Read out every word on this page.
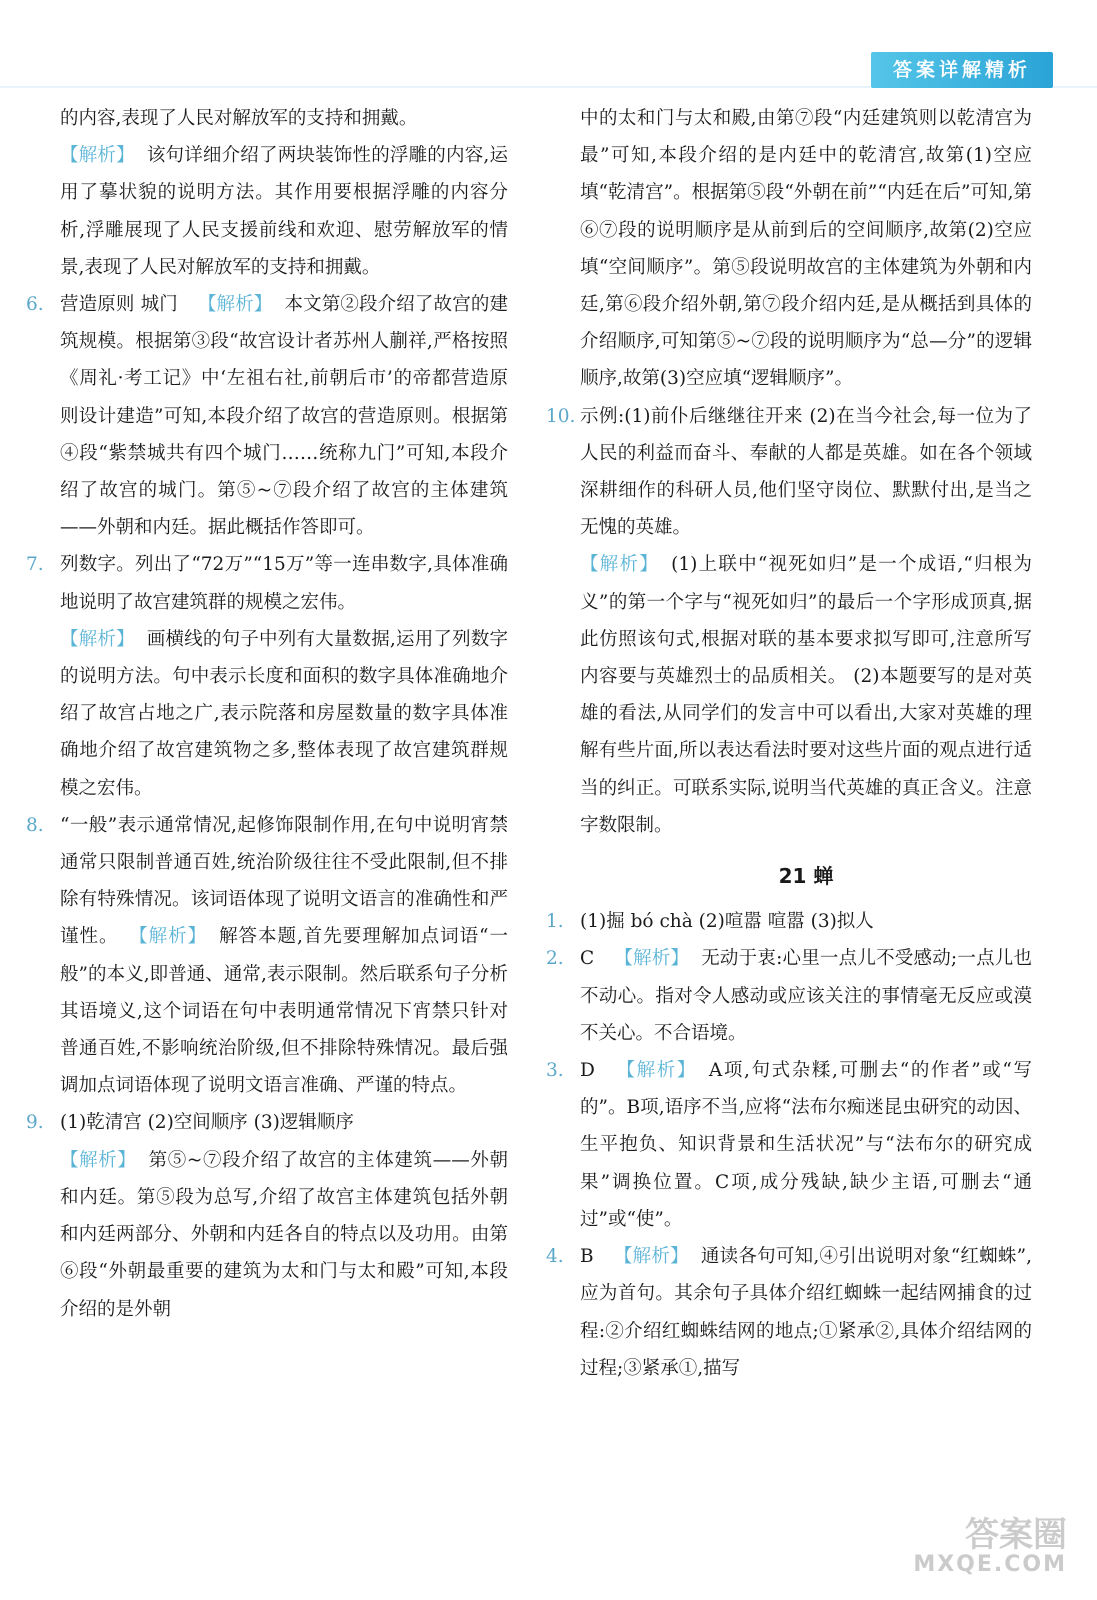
答案详解精析

的内容,表现了人民对解放军的支持和拥戴。

【解析】 该句详细介绍了两块装饰性的浮雕的内容,运用了摹状貌的说明方法。其作用要根据浮雕的内容分析,浮雕展现了人民支援前线和欢迎、慰劳解放军的情景,表现了人民对解放军的支持和拥戴。

6. 营造原则 城门 【解析】 本文第②段介绍了故宫的建筑规模。根据第③段“故宫设计者苏州人蒯祥,严格按照《周礼·考工记》中‘左祖右社,前朝后市’的帝都营造原则设计建造”可知,本段介绍了故宫的营造原则。根据第④段“紫禁城共有四个城门……统称九门”可知,本段介绍了故宫的城门。第⑤~⑦段介绍了故宫的主体建筑——外朝和内廷。据此概括作答即可。

7. 列数字。列出了“72万”“15万”等一连串数字,具体准确地说明了故宫建筑群的规模之宏伟。

【解析】 画横线的句子中列有大量数据,运用了列数字的说明方法。句中表示长度和面积的数字具体准确地介绍了故宫占地之广,表示院落和房屋数量的数字具体准确地介绍了故宫建筑物之多,整体表现了故宫建筑群规模之宏伟。

8. “一般”表示通常情况,起修饰限制作用,在句中说明宵禁通常只限制普通百姓,统治阶级往往不受此限制,但不排除有特殊情况。该词语体现了说明文语言的准确性和严谨性。 【解析】 解答本题,首先要理解加点词语“一般”的本义,即普通、通常,表示限制。然后联系句子分析其语境义,这个词语在句中表明通常情况下宵禁只针对普通百姓,不影响统治阶级,但不排除特殊情况。最后强调加点词语体现了说明文语言准确、严谨的特点。

9. (1)乾清宫 (2)空间顺序 (3)逻辑顺序

【解析】 第⑤~⑦段介绍了故宫的主体建筑——外朝和内廷。第⑤段为总写,介绍了故宫主体建筑包括外朝和内廷两部分、外朝和内廷各自的特点以及功用。由第⑥段“外朝最重要的建筑为太和门与太和殿”可知,本段介绍的是外朝

中的太和门与太和殿,由第⑦段“内廷建筑则以乾清宫为最”可知,本段介绍的是内廷中的乾清宫,故第(1)空应填“乾清宫”。根据第⑤段“外朝在前”“内廷在后”可知,第⑥⑦段的说明顺序是从前到后的空间顺序,故第(2)空应填“空间顺序”。第⑤段说明故宫的主体建筑为外朝和内廷,第⑥段介绍外朝,第⑦段介绍内廷,是从概括到具体的介绍顺序,可知第⑤~⑦段的说明顺序为“总—分”的逻辑顺序,故第(3)空应填“逻辑顺序”。

10. 示例:(1)前仆后继继往开来 (2)在当今社会,每一位为了人民的利益而奋斗、奉献的人都是英雄。如在各个领域深耕细作的科研人员,他们坚守岗位、默默付出,是当之无愧的英雄。

【解析】 (1)上联中“视死如归”是一个成语,“归根为义”的第一个字与“视死如归”的最后一个字形成顶真,据此仿照该句式,根据对联的基本要求拟写即可,注意所写内容要与英雄烈士的品质相关。 (2)本题要写的是对英雄的看法,从同学们的发言中可以看出,大家对英雄的理解有些片面,所以表达看法时要对这些片面的观点进行适当的纠正。可联系实际,说明当代英雄的真正含义。注意字数限制。

21 蝉
1. (1)掘 bó chà (2)喧嚣 喧嚣 (3)拟人

2. C 【解析】 无动于衷:心里一点儿不受感动;一点儿也不动心。指对令人感动或应该关注的事情毫无反应或漠不关心。不合语境。

3. D 【解析】 A项,句式杂糅,可删去“的作者”或“写的”。B项,语序不当,应将“法布尔痴迷昆虫研究的动因、生平抱负、知识背景和生活状况”与“法布尔的研究成果”调换位置。C项,成分残缺,缺少主语,可删去“通过”或“使”。

4. B 【解析】 通读各句可知,④引出说明对象“红蜘蛛”,应为首句。其余句子具体介绍红蜘蛛一起结网捕食的过程:②介绍红蜘蛛结网的地点;①紧承②,具体介绍结网的过程;③紧承①,描写

答案圈
MXQE.COM
